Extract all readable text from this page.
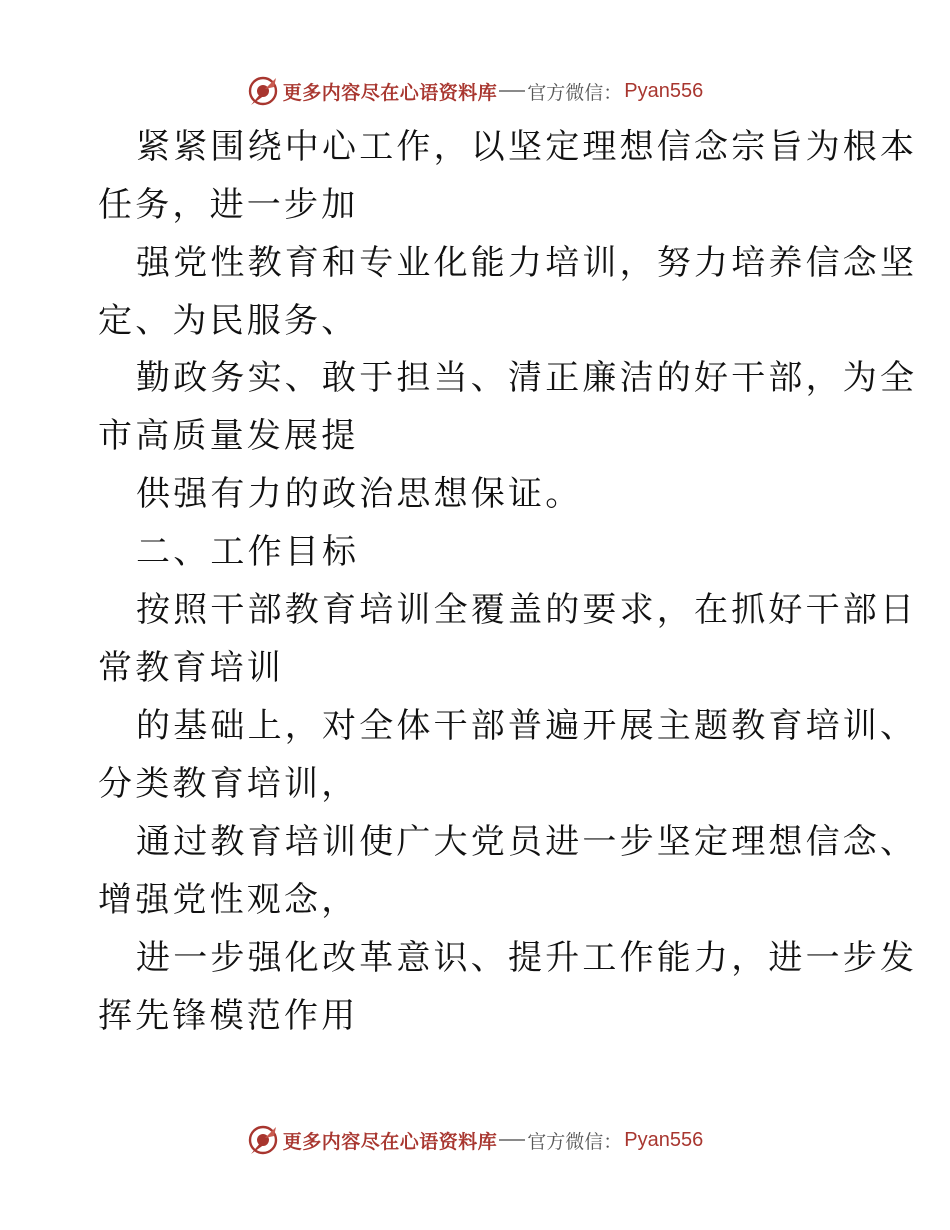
更多内容尽在心语资料库 官方微信： Pyan556
紧紧围绕中心工作，以坚定理想信念宗旨为根本
任务，进一步加
强党性教育和专业化能力培训，努力培养信念坚
定、为民服务、
勤政务实、敢于担当、清正廉洁的好干部，为全
市高质量发展提
供强有力的政治思想保证。
二、工作目标
按照干部教育培训全覆盖的要求，在抓好干部日
常教育培训
的基础上，对全体干部普遍开展主题教育培训、
分类教育培训，
通过教育培训使广大党员进一步坚定理想信念、
增强党性观念，
进一步强化改革意识、提升工作能力，进一步发
挥先锋模范作用
更多内容尽在心语资料库 官方微信： Pyan556
